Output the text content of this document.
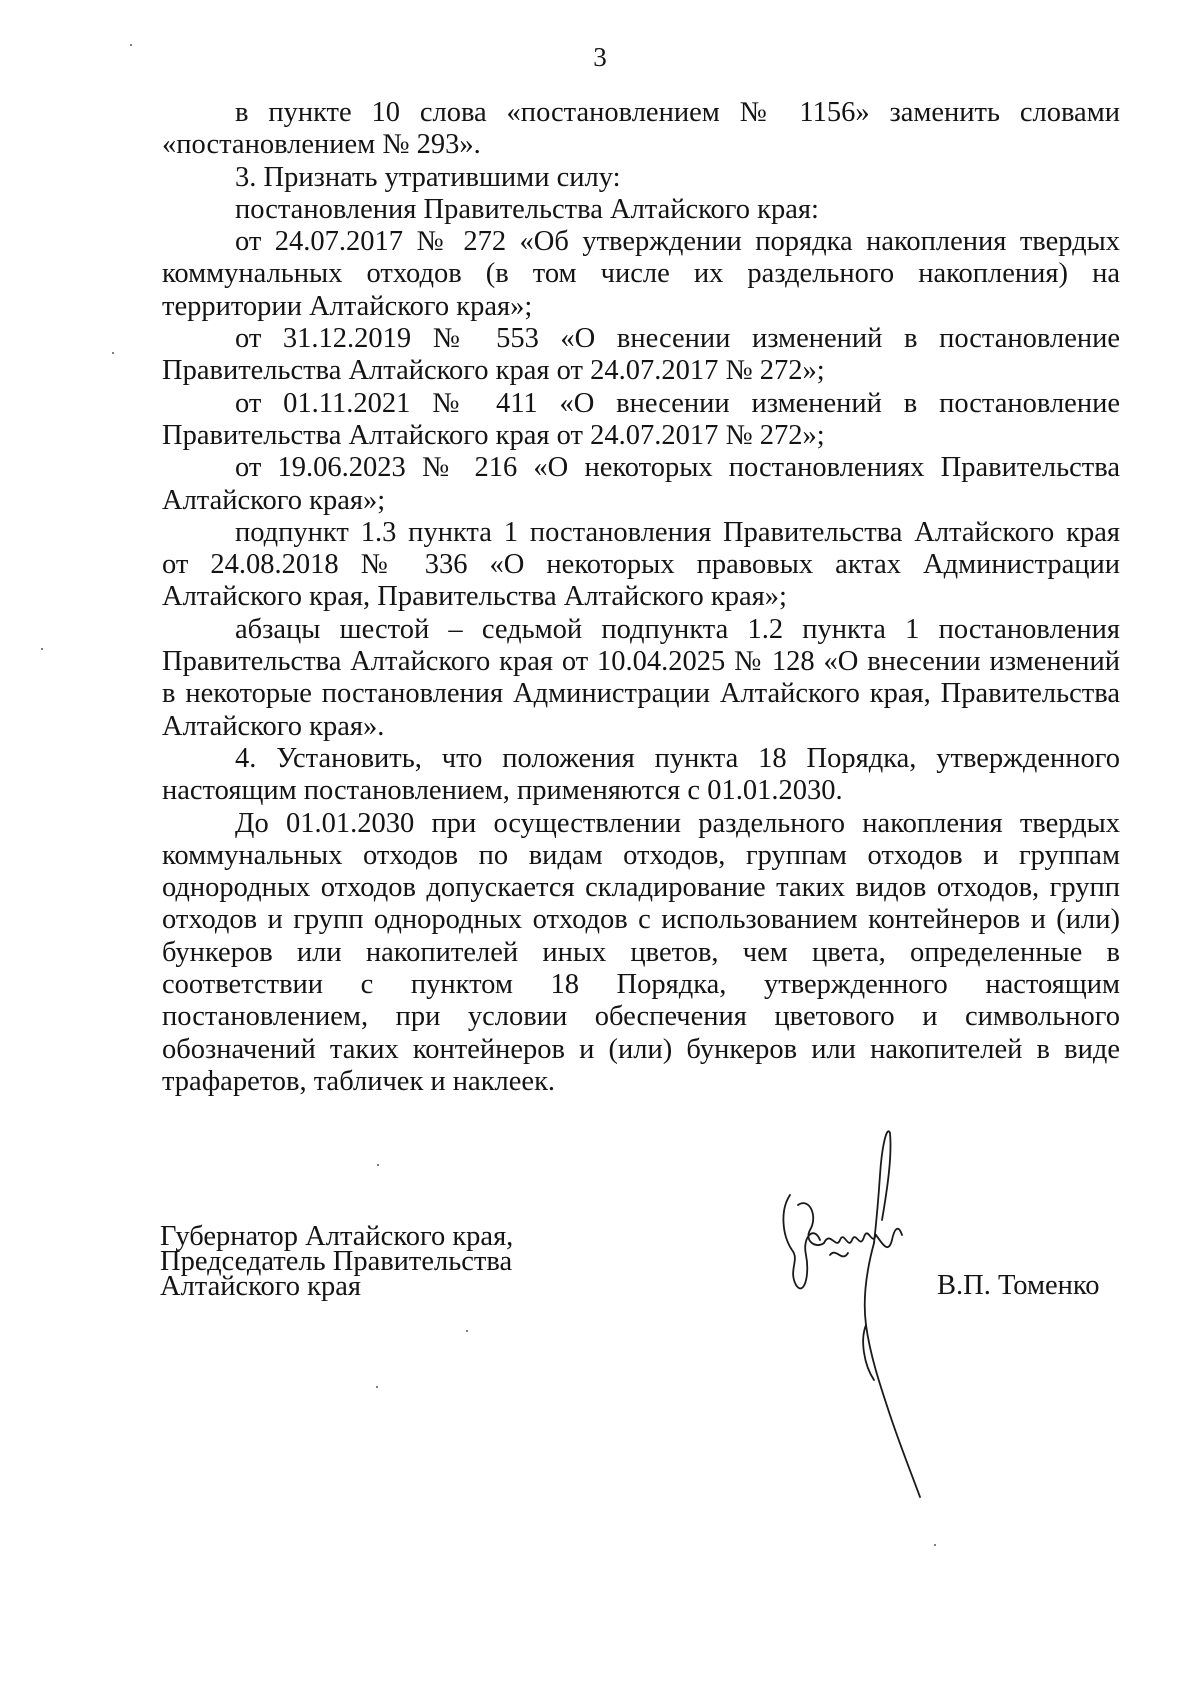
3

в пункте 10 слова «постановлением № 1156» заменить словами «постановлением № 293».

3. Признать утратившими силу:

постановления Правительства Алтайского края:

от 24.07.2017 № 272 «Об утверждении порядка накопления твердых коммунальных отходов (в том числе их раздельного накопления) на территории Алтайского края»;

от 31.12.2019 № 553 «О внесении изменений в постановление Правительства Алтайского края от 24.07.2017 № 272»;

от 01.11.2021 № 411 «О внесении изменений в постановление Правительства Алтайского края от 24.07.2017 № 272»;

от 19.06.2023 № 216 «О некоторых постановлениях Правительства Алтайского края»;

подпункт 1.3 пункта 1 постановления Правительства Алтайского края от 24.08.2018 № 336 «О некоторых правовых актах Администрации Алтайского края, Правительства Алтайского края»;

абзацы шестой – седьмой подпункта 1.2 пункта 1 постановления Правительства Алтайского края от 10.04.2025 № 128 «О внесении изменений в некоторые постановления Администрации Алтайского края, Правительства Алтайского края».

4. Установить, что положения пункта 18 Порядка, утвержденного настоящим постановлением, применяются с 01.01.2030.

До 01.01.2030 при осуществлении раздельного накопления твердых коммунальных отходов по видам отходов, группам отходов и группам однородных отходов допускается складирование таких видов отходов, групп отходов и групп однородных отходов с использованием контейнеров и (или) бункеров или накопителей иных цветов, чем цвета, определенные в соответствии с пунктом 18 Порядка, утвержденного настоящим постановлением, при условии обеспечения цветового и символьного обозначений таких контейнеров и (или) бункеров или накопителей в виде трафаретов, табличек и наклеек.

Губернатор Алтайского края,
Председатель Правительства
Алтайского края	В.П. Томенко
